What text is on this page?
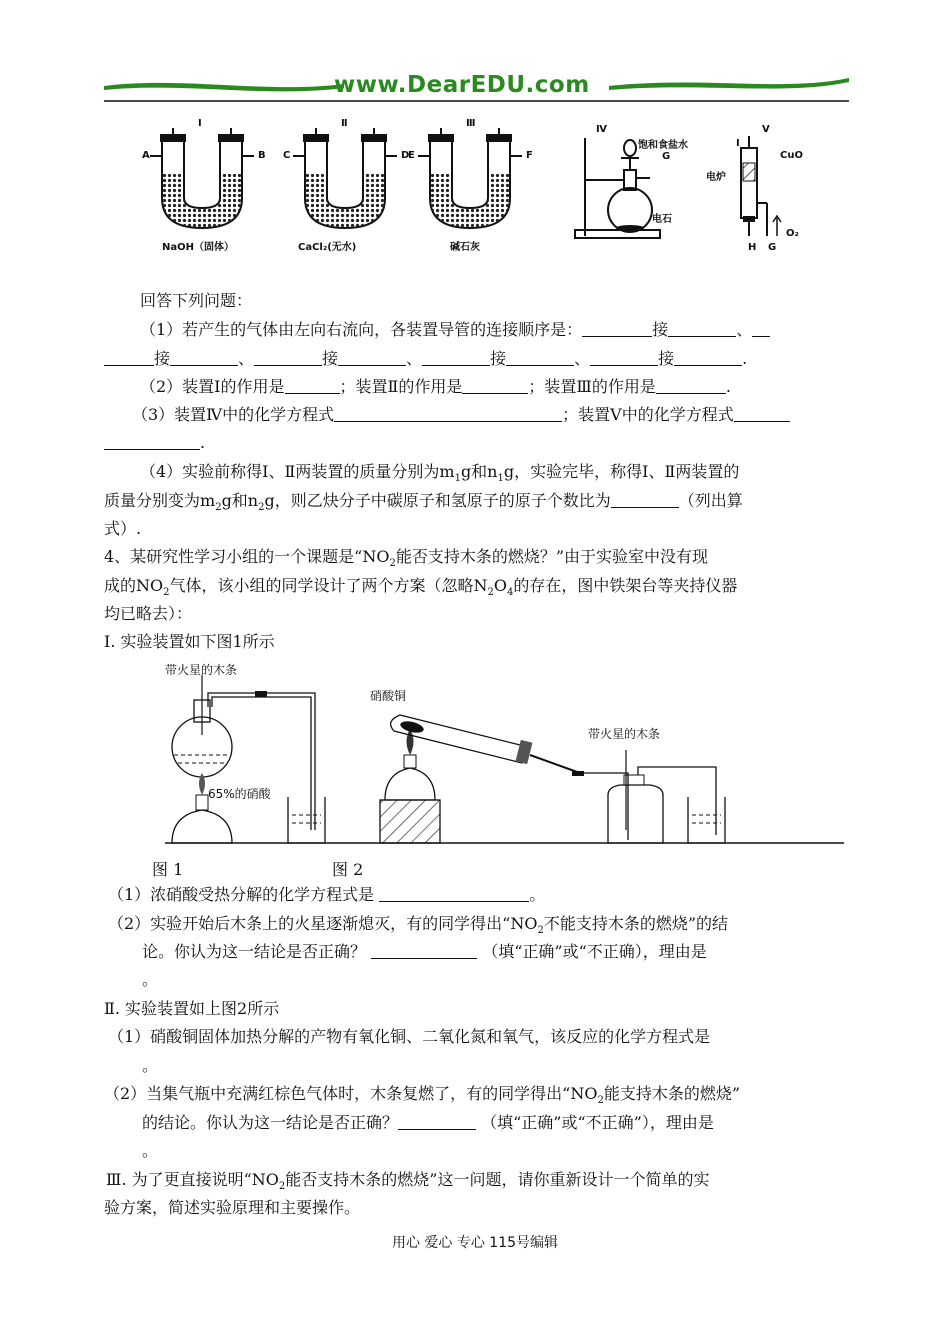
www.DearEDU.com
Ⅰ
A	B
NaOH（固体）
Ⅱ
C	D
CaCl₂(无水)
Ⅲ
E	F
碱石灰
Ⅳ
饱和食盐水
G
电石
Ⅴ
Ⅰ
CuO
电炉
H G
O₂
回答下列问题：
（1）若产生的气体由左向右流向，各装置导管的连接顺序是：	接	、
接	、	接	、	接	、	接	.
（2）装置Ⅰ的作用是	；装置Ⅱ的作用是	；装置Ⅲ的作用是	.
（3）装置Ⅳ中的化学方程式	；装置Ⅴ中的化学方程式
.
（4）实验前称得Ⅰ、Ⅱ两装置的质量分别为$m_1g$和$n_1g$，实验完毕，称得Ⅰ、Ⅱ两装置的
质量分别变为$m_2g$和$n_2g$，则乙炔分子中碳原子和氢原子的原子个数比为	（列出算
式）.
4、某研究性学习小组的一个课题是“$NO_2$能否支持木条的燃烧？”由于实验室中没有现
成的$NO_2$气体，该小组的同学设计了两个方案（忽略$N_2O_4$的存在，图中铁架台等夹持仪器
均已略去）：
Ⅰ. 实验装置如下图1所示
带火星的木条
65%的硝酸
硝酸铜
带火星的木条
图 1	图 2
（1）浓硝酸受热分解的化学方程式是	。
（2）实验开始后木条上的火星逐渐熄灭，有的同学得出“$NO_2$不能支持木条的燃烧”的结
论。你认为这一结论是否正确？	（填“正确”或“不正确），理由是
。
Ⅱ. 实验装置如上图2所示
（1）硝酸铜固体加热分解的产物有氧化铜、二氧化氮和氧气，该反应的化学方程式是
。
（2）当集气瓶中充满红棕色气体时，木条复燃了，有的同学得出“$NO_2$能支持木条的燃烧”
的结论。你认为这一结论是否正确？	（填“正确”或“不正确”），理由是
。
Ⅲ. 为了更直接说明“$NO_2$能否支持木条的燃烧”这一问题，请你重新设计一个简单的实
验方案，简述实验原理和主要操作。
用心 爱心 专心 115号编辑
